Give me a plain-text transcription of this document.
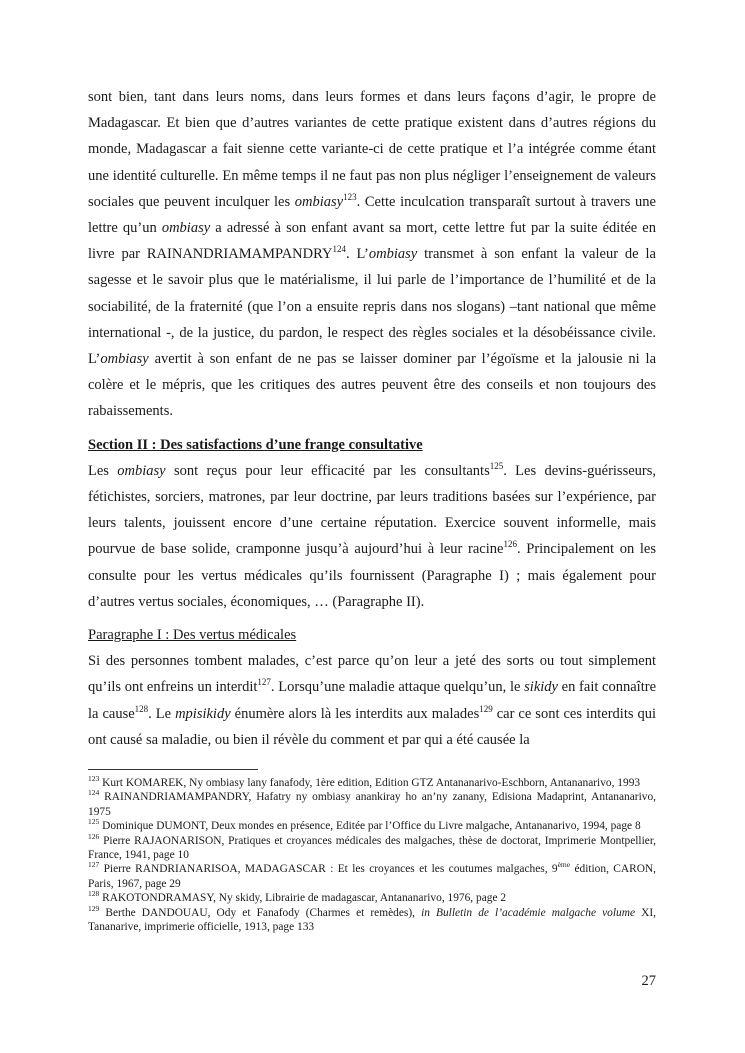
sont bien, tant dans leurs noms, dans leurs formes et dans leurs façons d’agir, le propre de Madagascar. Et bien que d’autres variantes de cette pratique existent dans d’autres régions du monde, Madagascar a fait sienne cette variante-ci de cette pratique et l’a intégrée comme étant une identité culturelle. En même temps il ne faut pas non plus négliger l’enseignement de valeurs sociales que peuvent inculquer les ombiasy$^{123}$. Cette inculcation transparaît surtout à travers une lettre qu’un ombiasy a adressé à son enfant avant sa mort, cette lettre fut par la suite éditée en livre par RAINANDRIAMAMPANDRY$^{124}$. L’ombiasy transmet à son enfant la valeur de la sagesse et le savoir plus que le matérialisme, il lui parle de l’importance de l’humilité et de la sociabilité, de la fraternité (que l’on a ensuite repris dans nos slogans) –tant national que même international -, de la justice, du pardon, le respect des règles sociales et la désobéissance civile. L’ombiasy avertit à son enfant de ne pas se laisser dominer par l’égoïsme et la jalousie ni la colère et le mépris, que les critiques des autres peuvent être des conseils et non toujours des rabaissements.

Section II : Des satisfactions d’une frange consultative

Les ombiasy sont reçus pour leur efficacité par les consultants$^{125}$. Les devins-guérisseurs, fétichistes, sorciers, matrones, par leur doctrine, par leurs traditions basées sur l’expérience, par leurs talents, jouissent encore d’une certaine réputation. Exercice souvent informelle, mais pourvue de base solide, cramponne jusqu’à aujourd’hui à leur racine$^{126}$. Principalement on les consulte pour les vertus médicales qu’ils fournissent (Paragraphe I) ; mais également pour d’autres vertus sociales, économiques, … (Paragraphe II).

Paragraphe I : Des vertus médicales

Si des personnes tombent malades, c’est parce qu’on leur a jeté des sorts ou tout simplement qu’ils ont enfreins un interdit$^{127}$. Lorsqu’une maladie attaque quelqu’un, le sikidy en fait connaître la cause$^{128}$. Le mpisikidy énumère alors là les interdits aux malades$^{129}$ car ce sont ces interdits qui ont causé sa maladie, ou bien il révèle du comment et par qui a été causée la

$^{123}$ Kurt KOMAREK, Ny ombiasy lany fanafody, 1ère edition, Edition GTZ Antananarivo-Eschborn, Antananarivo, 1993

$^{124}$ RAINANDRIAMAMPANDRY, Hafatry ny ombiasy anankiray ho an’ny zanany, Edisiona Madaprint, Antananarivo, 1975

$^{125}$ Dominique DUMONT, Deux mondes en présence, Editée par l’Office du Livre malgache, Antananarivo, 1994, page 8

$^{126}$ Pierre RAJAONARISON, Pratiques et croyances médicales des malgaches, thèse de doctorat, Imprimerie Montpellier, France, 1941, page 10

$^{127}$ Pierre RANDRIANARISOA, MADAGASCAR : Et les croyances et les coutumes malgaches, 9ème édition, CARON, Paris, 1967, page 29

$^{128}$ RAKOTONDRAMASY, Ny skidy, Librairie de madagascar, Antananarivo, 1976, page 2

$^{129}$ Berthe DANDOUAU, Ody et Fanafody (Charmes et remèdes), in Bulletin de l’académie malgache volume XI, Tananarive, imprimerie officielle, 1913, page 133

27
